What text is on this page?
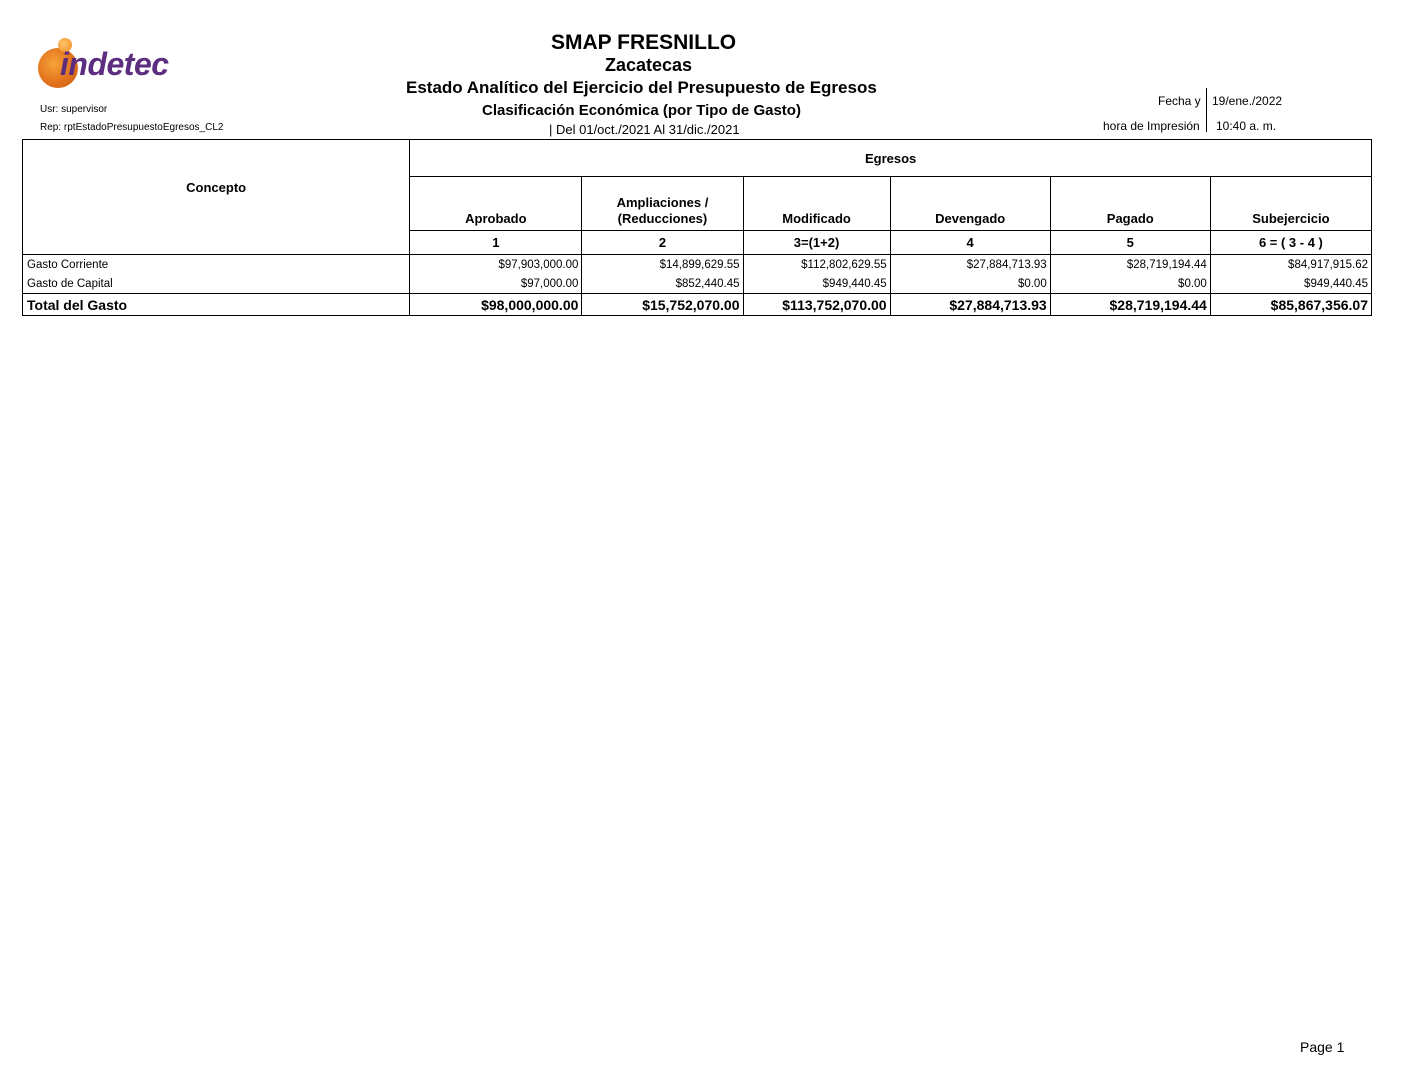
indetec
SMAP FRESNILLO
Zacatecas
Estado Analítico del Ejercicio del Presupuesto de Egresos
Clasificación Económica (por Tipo de Gasto)
| Del 01/oct./2021 Al 31/dic./2021
Usr: supervisor
Rep: rptEstadoPresupuestoEgresos_CL2
Fecha y 19/ene./2022
hora de Impresión 10:40 a. m.
Concepto	Egresos					
	Aprobado	Ampliaciones /
(Reducciones)	Modificado	Devengado	Pagado	Subejercicio
	1	2	3=(1+2)	4	5	6 = ( 3 - 4 )
Gasto Corriente	$97,903,000.00	$14,899,629.55	$112,802,629.55	$27,884,713.93	$28,719,194.44	$84,917,915.62
Gasto de Capital	$97,000.00	$852,440.45	$949,440.45	$0.00	$0.00	$949,440.45
Total del Gasto	$98,000,000.00	$15,752,070.00	$113,752,070.00	$27,884,713.93	$28,719,194.44	$85,867,356.07
Page 1
